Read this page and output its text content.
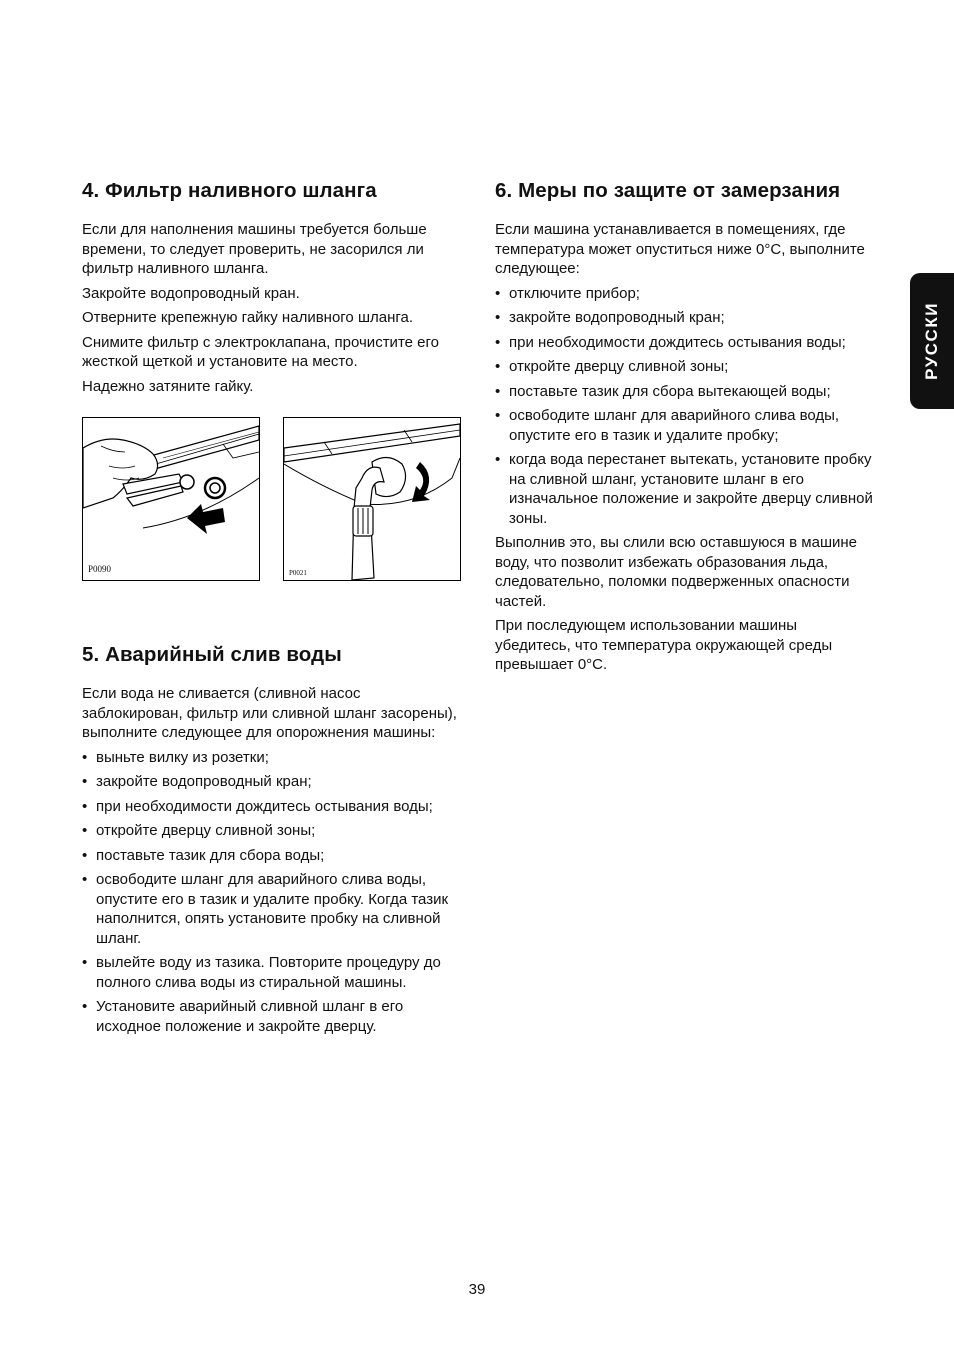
4. Фильтр наливного шланга

Если для наполнения машины требуется больше времени, то следует проверить, не засорился ли фильтр наливного шланга.

Закройте водопроводный кран.

Отверните крепежную гайку наливного шланга.

Снимите фильтр с электроклапана, прочистите его жесткой щеткой и установите на место.

Надежно затяните гайку.

P0090	P0021
5. Аварийный слив воды

Если вода не сливается (сливной насос заблокирован, фильтр или сливной шланг засорены), выполните следующее для опорожнения машины:

• выньте вилку из розетки;
• закройте водопроводный кран;
• при необходимости дождитесь остывания воды;
• откройте дверцу сливной зоны;
• поставьте тазик для сбора воды;
• освободите шланг для аварийного слива воды, опустите его в тазик и удалите пробку. Когда тазик наполнится, опять установите пробку на сливной шланг.
• вылейте воду из тазика. Повторите процедуру до полного слива воды из стиральной машины.
• Установите аварийный сливной шланг в его исходное положение и закройте дверцу.
6. Меры по защите от замерзания

Если машина устанавливается в помещениях, где температура может опуститься ниже 0°C, выполните следующее:

• отключите прибор;
• закройте водопроводный кран;
• при необходимости дождитесь остывания воды;
• откройте дверцу сливной зоны;
• поставьте тазик для сбора вытекающей воды;
• освободите шланг для аварийного слива воды, опустите его в тазик и удалите пробку;
• когда вода перестанет вытекать, установите пробку на сливной шланг, установите шланг в его изначальное положение и закройте дверцу сливной зоны.

Выполнив это, вы слили всю оставшуюся в машине воду, что позволит избежать образования льда, следовательно, поломки подверженных опасности частей.

При последующем использовании машины убедитесь, что температура окружающей среды превышает 0°C.

РУССКИ
39
